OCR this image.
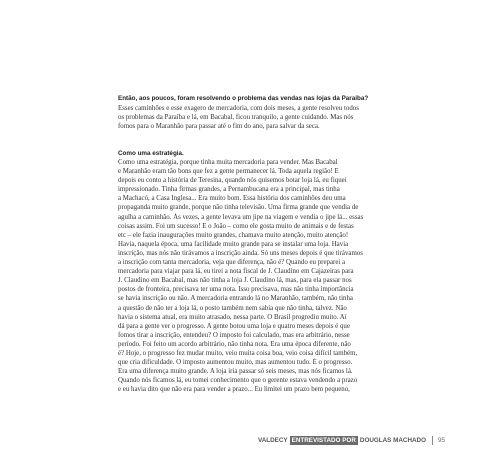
Então, aos poucos, foram resolvendo o problema das vendas nas lojas da Paraíba?
Esses caminhões e esse exagero de mercadoria, com dois meses, a gente resolveu todos
os problemas da Paraíba e lá, em Bacabal, ficou tranquilo, a gente cuidando. Mas nós
fomos para o Maranhão para passar até o fim do ano, para salvar da seca.
Como uma estratégia.
Como uma estratégia, porque tinha muita mercadoria para vender. Mas Bacabal
e Maranhão eram tão bons que fez a gente permanecer lá. Toda aquela região! E
depois eu conto a história de Teresina, quando nós quisemos botar loja lá, eu fiquei
impressionado. Tinha firmas grandes, a Pernambucana era a principal, mas tinha
a Machacó, a Casa Inglesa... Era muito bom. Essa história dos caminhões deu uma
propaganda muito grande, porque não tinha televisão. Uma firma grande que vendia de
agulha a caminhão. Às vezes, a gente levava um jipe na viagem e vendia o jipe lá... essas
coisas assim. Foi um sucesso! E o João – como ele gosta muito de animais e de festas
etc – ele fazia inaugurações muito grandes, chamava muito atenção, muito atenção!
Havia, naquela época, uma facilidade muito grande para se instalar uma loja. Havia
inscrição, mas nós não tirávamos a inscrição ainda. Só uns meses depois é que tirávamos
a inscrição com tanta mercadoria, veja que diferença, não é? Quando eu preparei a
mercadoria para viajar para lá, eu tirei a nota fiscal de J. Claudino em Cajazeiras para
J. Claudino em Bacabal, mas não tinha a loja J. Claudino lá, mas, para ela passar nos
postos de fronteira, precisava ter uma nota. Isso precisava, mas não tinha importância
se havia inscrição ou não. A mercadoria entrando lá no Maranhão, também, não tinha
a questão de não ter a loja lá, o posto também nem sabia que não tinha, talvez. Não
havia o sistema atual, era muito atrasado, nessa parte. O Brasil progrediu muito. Aí
dá para a gente ver o progresso. A gente botou uma loja e quatro meses depois é que
fomos tirar a inscrição, entendeu? O imposto foi calculado, mas era arbitrário, nesse
período. Foi feito um acordo arbitrário, não tinha nota. Era uma época diferente, não
é? Hoje, o progresso fez mudar muito, veio muita coisa boa, veio coisa difícil também,
que cria dificuldade. O imposto aumentou muito, mas aumentou tudo. É o progresso.
Era uma diferença muito grande. A loja iria passar só seis meses, mas nós ficamos lá.
Quando nós ficamos lá, eu tomei conhecimento que o gerente estava vendendo a prazo
e eu havia dito que não era para vender a prazo... Eu limitei um prazo bem pequeno,
VALDECY ENTREVISTADO POR DOUGLAS MACHADO 95
